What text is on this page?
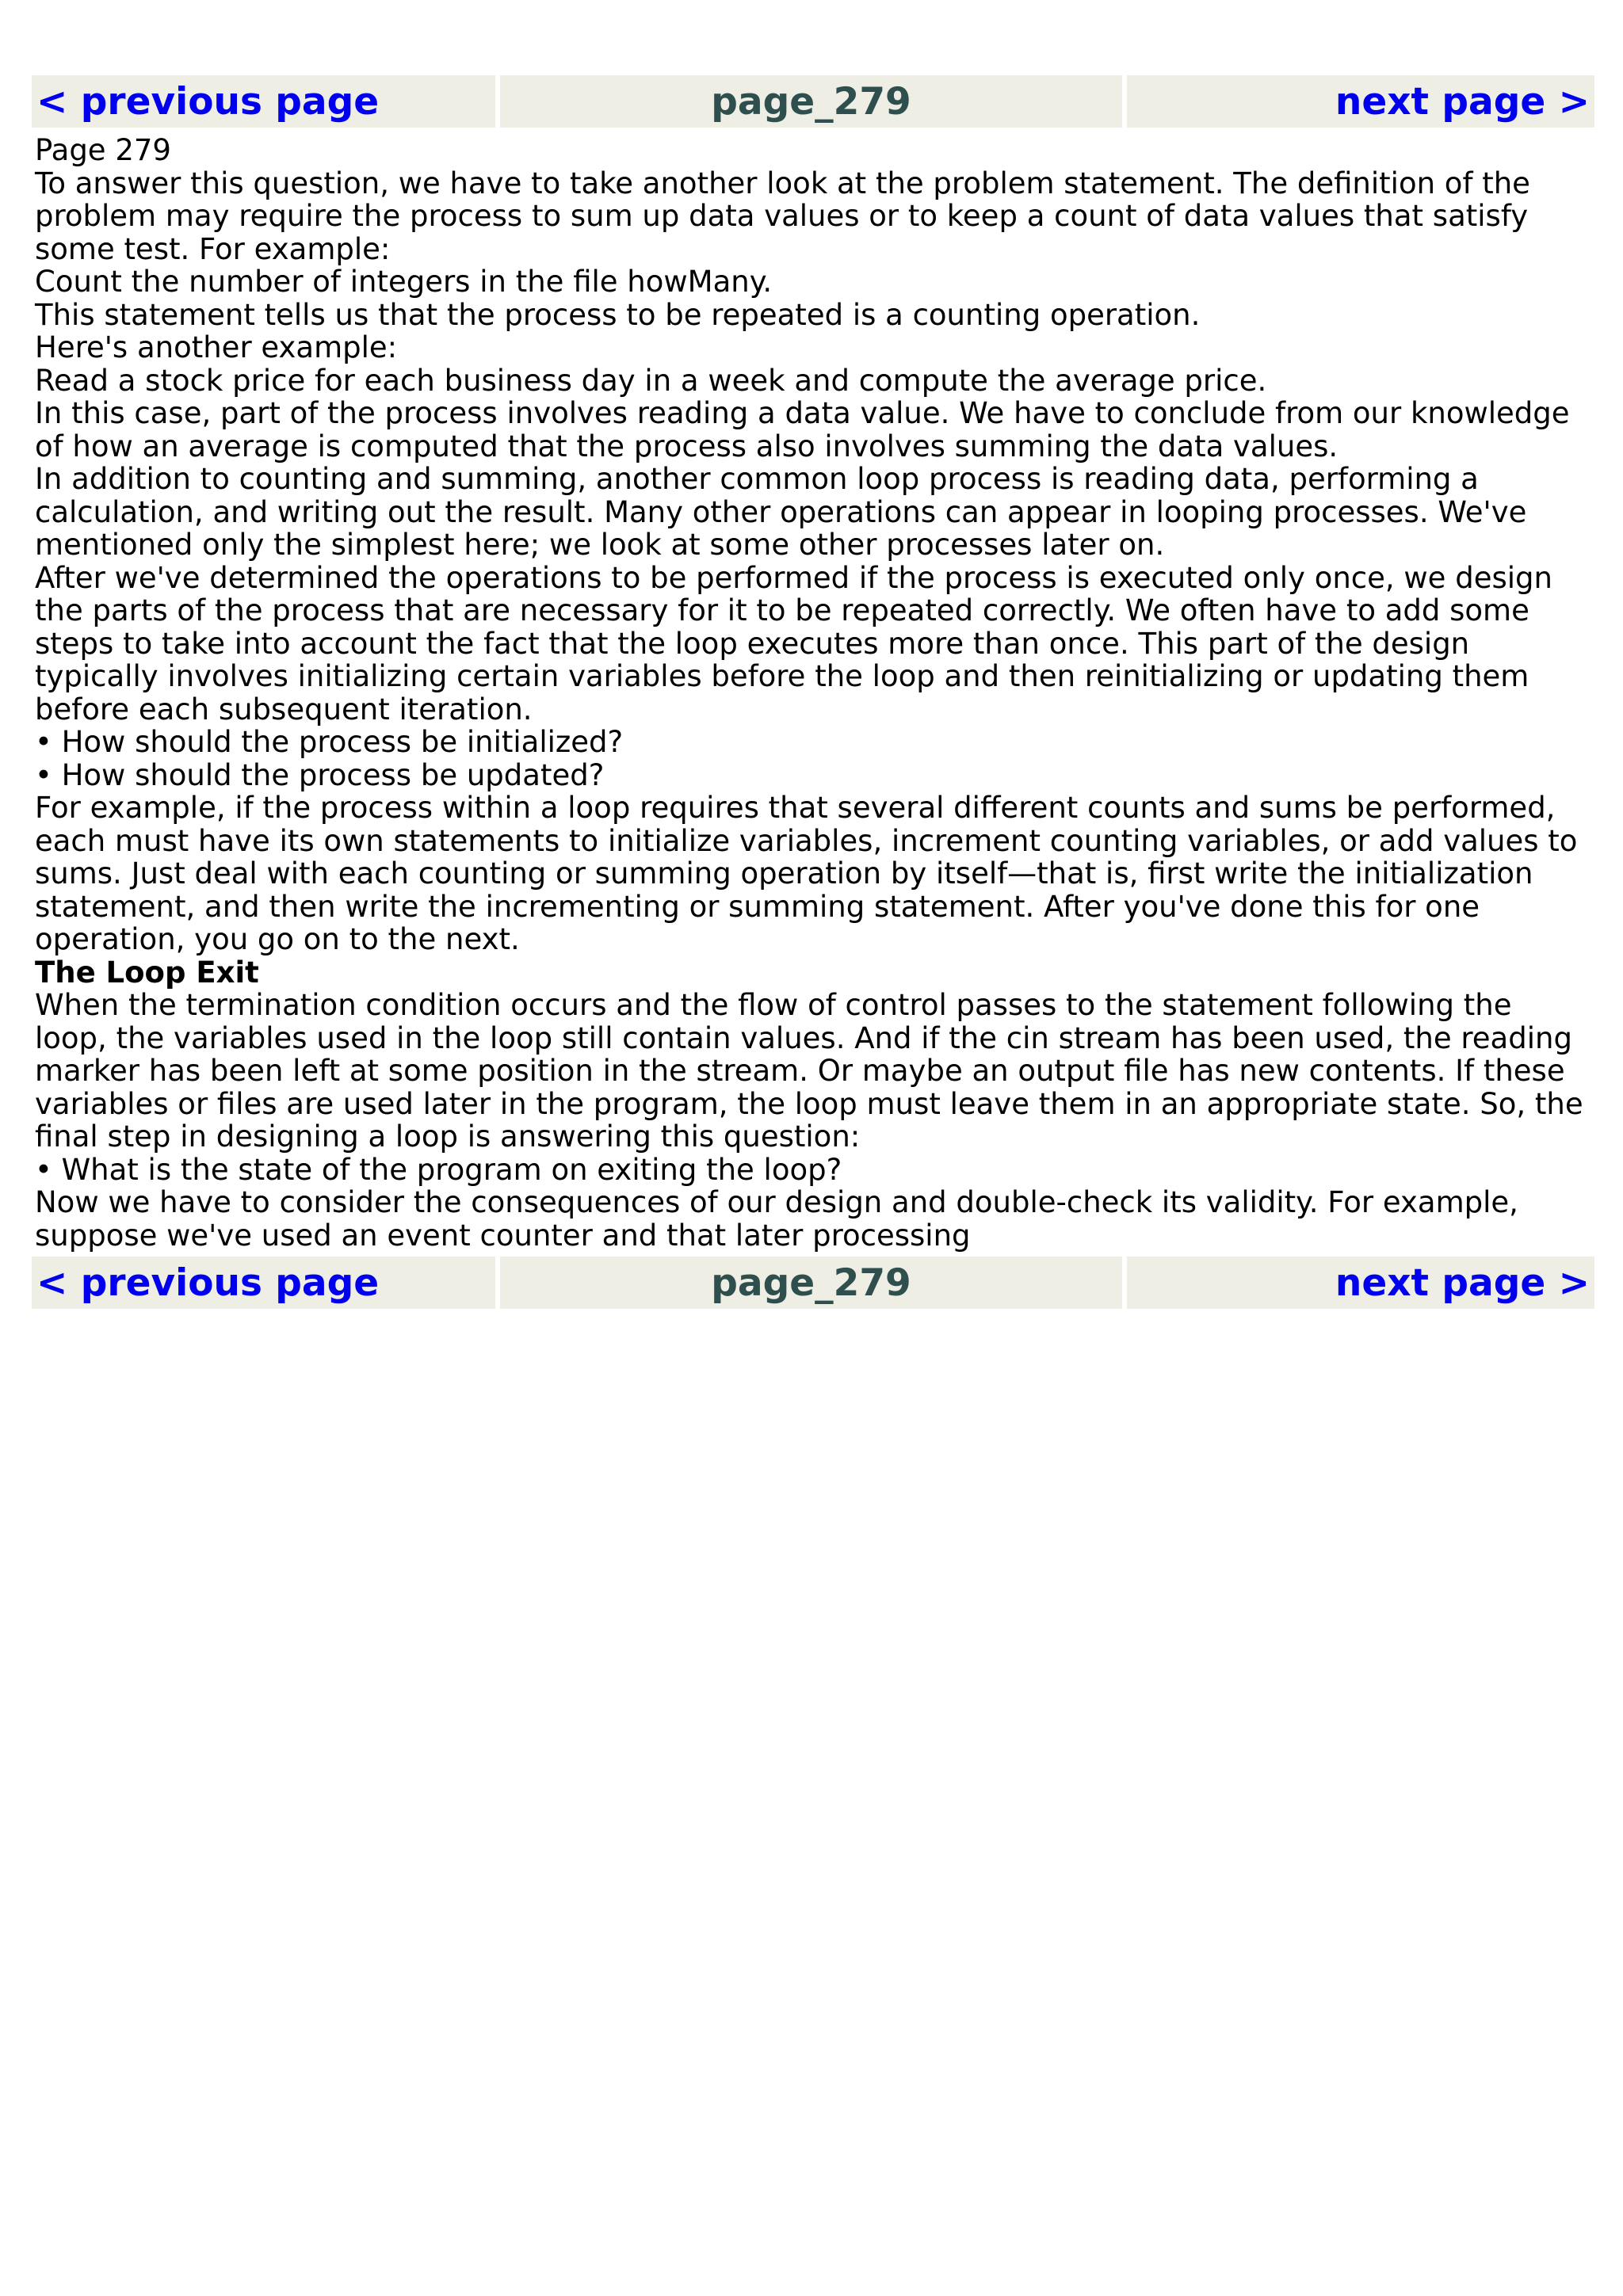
< previous page	page_279	next page >

Page 279

To answer this question, we have to take another look at the problem statement. The definition of the problem may require the process to sum up data values or to keep a count of data values that satisfy some test. For example:

Count the number of integers in the file howMany.

This statement tells us that the process to be repeated is a counting operation.

Here's another example:

Read a stock price for each business day in a week and compute the average price.

In this case, part of the process involves reading a data value. We have to conclude from our knowledge of how an average is computed that the process also involves summing the data values.

In addition to counting and summing, another common loop process is reading data, performing a calculation, and writing out the result. Many other operations can appear in looping processes. We've mentioned only the simplest here; we look at some other processes later on.

After we've determined the operations to be performed if the process is executed only once, we design the parts of the process that are necessary for it to be repeated correctly. We often have to add some steps to take into account the fact that the loop executes more than once. This part of the design typically involves initializing certain variables before the loop and then reinitializing or updating them before each subsequent iteration.

• How should the process be initialized?

• How should the process be updated?

For example, if the process within a loop requires that several different counts and sums be performed, each must have its own statements to initialize variables, increment counting variables, or add values to sums. Just deal with each counting or summing operation by itself—that is, first write the initialization statement, and then write the incrementing or summing statement. After you've done this for one operation, you go on to the next.

The Loop Exit

When the termination condition occurs and the flow of control passes to the statement following the loop, the variables used in the loop still contain values. And if the cin stream has been used, the reading marker has been left at some position in the stream. Or maybe an output file has new contents. If these variables or files are used later in the program, the loop must leave them in an appropriate state. So, the final step in designing a loop is answering this question:

• What is the state of the program on exiting the loop?

Now we have to consider the consequences of our design and double-check its validity. For example, suppose we've used an event counter and that later processing

< previous page	page_279	next page >
